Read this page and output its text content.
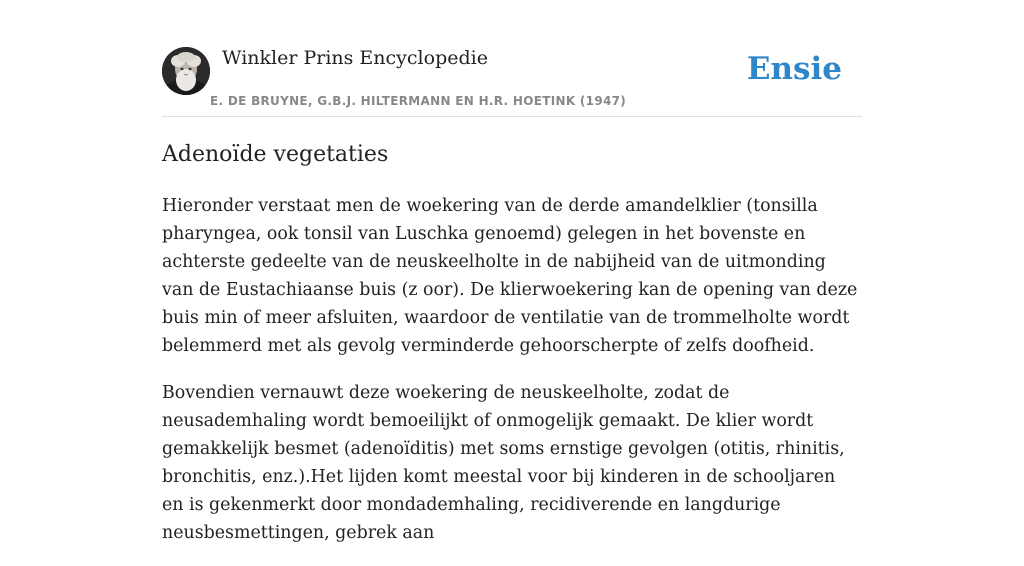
Winkler Prins Encyclopedie
E. DE BRUYNE, G.B.J. HILTERMANN EN H.R. HOETINK (1947)
Ensie
Adenoïde vegetaties

Hieronder verstaat men de woekering van de derde amandelklier (tonsilla pharyngea, ook tonsil van Luschka genoemd) gelegen in het bovenste en achterste gedeelte van de neuskeelholte in de nabijheid van de uitmonding van de Eustachiaanse buis (z oor). De klierwoekering kan de opening van deze buis min of meer afsluiten, waardoor de ventilatie van de trommelholte wordt belemmerd met als gevolg verminderde gehoorscherpte of zelfs doofheid.

Bovendien vernauwt deze woekering de neuskeelholte, zodat de neusademhaling wordt bemoeilijkt of onmogelijk gemaakt. De klier wordt gemakkelijk besmet (adenoïditis) met soms ernstige gevolgen (otitis, rhinitis, bronchitis, enz.).Het lijden komt meestal voor bij kinderen in de schooljaren en is gekenmerkt door mondademhaling, recidiverende en langdurige neusbesmettingen, gebrek aan
